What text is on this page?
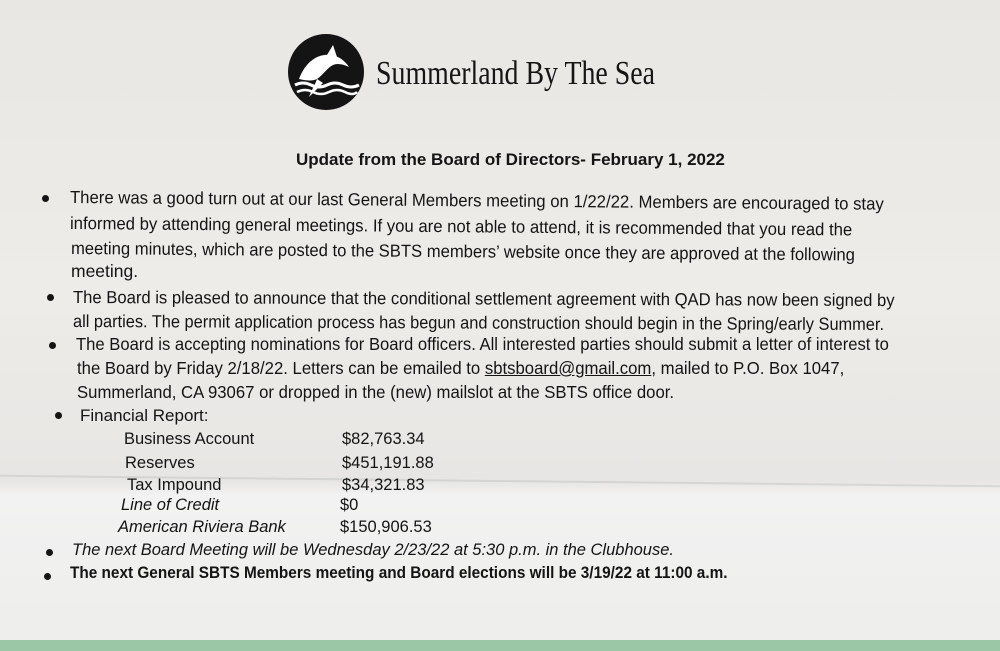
Summerland By The Sea
Update from the Board of Directors- February 1, 2022
There was a good turn out at our last General Members meeting on 1/22/22. Members are encouraged to stay
informed by attending general meetings. If you are not able to attend, it is recommended that you read the
meeting minutes, which are posted to the SBTS members’ website once they are approved at the following
meeting.
The Board is pleased to announce that the conditional settlement agreement with QAD has now been signed by
all parties. The permit application process has begun and construction should begin in the Spring/early Summer.
The Board is accepting nominations for Board officers. All interested parties should submit a letter of interest to
the Board by Friday 2/18/22. Letters can be emailed to sbtsboard@gmail.com, mailed to P.O. Box 1047,
Summerland, CA 93067 or dropped in the (new) mailslot at the SBTS office door.
Financial Report:
Business Account	$82,763.34
Reserves	$451,191.88
Tax Impound	$34,321.83
Line of Credit	$0
American Riviera Bank	$150,906.53
The next Board Meeting will be Wednesday 2/23/22 at 5:30 p.m. in the Clubhouse.
The next General SBTS Members meeting and Board elections will be 3/19/22 at 11:00 a.m.
